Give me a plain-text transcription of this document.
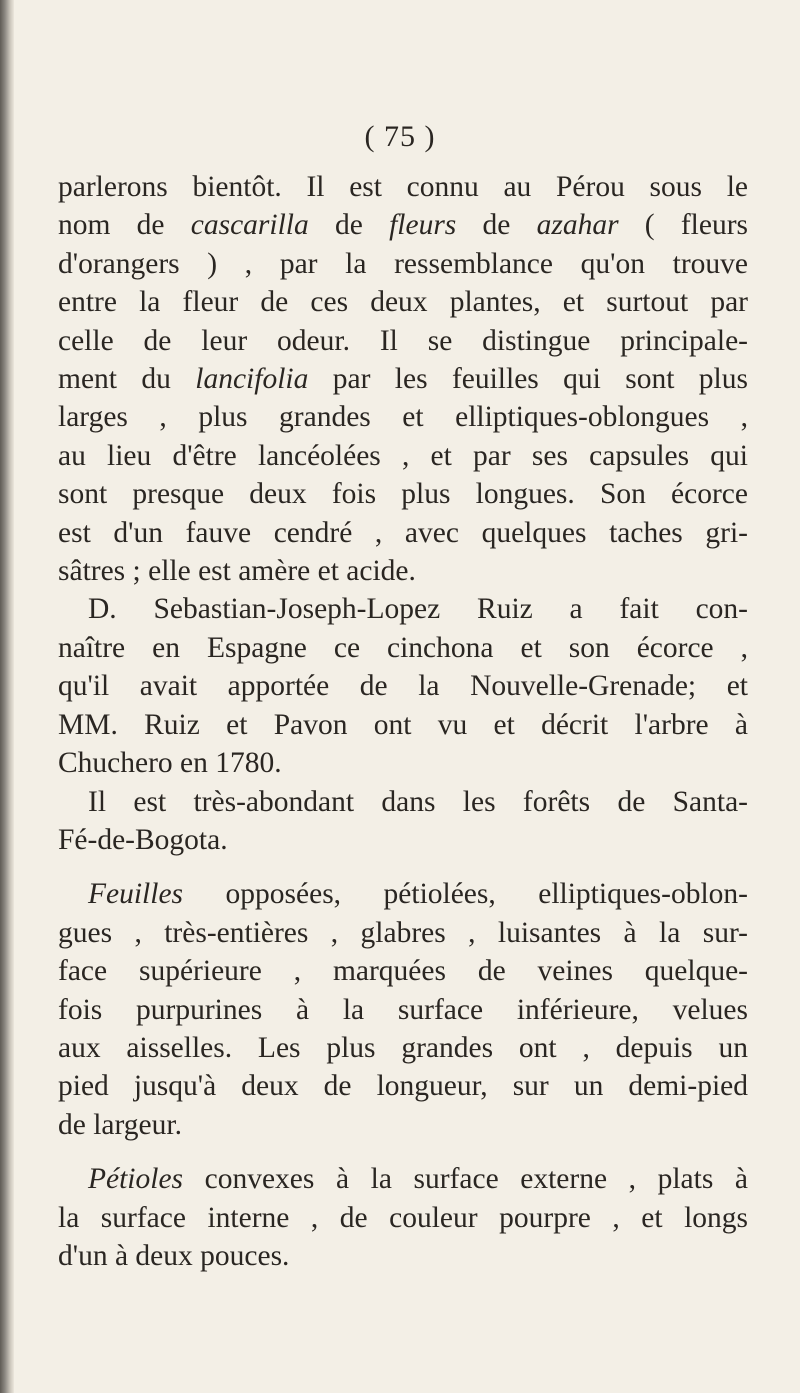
( 75 )
parlerons bientôt. Il est connu au Pérou sous le
nom de cascarilla de fleurs de azahar ( fleurs
d'orangers ) , par la ressemblance qu'on trouve
entre la fleur de ces deux plantes, et surtout par
celle de leur odeur. Il se distingue principale-
ment du lancifolia par les feuilles qui sont plus
larges , plus grandes et elliptiques-oblongues ,
au lieu d'être lancéolées , et par ses capsules qui
sont presque deux fois plus longues. Son écorce
est d'un fauve cendré , avec quelques taches gri-
sâtres ; elle est amère et acide.
D. Sebastian-Joseph-Lopez Ruiz a fait con-
naître en Espagne ce cinchona et son écorce ,
qu'il avait apportée de la Nouvelle-Grenade; et
MM. Ruiz et Pavon ont vu et décrit l'arbre à
Chuchero en 1780.
Il est très-abondant dans les forêts de Santa-
Fé-de-Bogota.
Feuilles opposées, pétiolées, elliptiques-oblon-
gues , très-entières , glabres , luisantes à la sur-
face supérieure , marquées de veines quelque-
fois purpurines à la surface inférieure, velues
aux aisselles. Les plus grandes ont , depuis un
pied jusqu'à deux de longueur, sur un demi-pied
de largeur.
Pétioles convexes à la surface externe , plats à
la surface interne , de couleur pourpre , et longs
d'un à deux pouces.
